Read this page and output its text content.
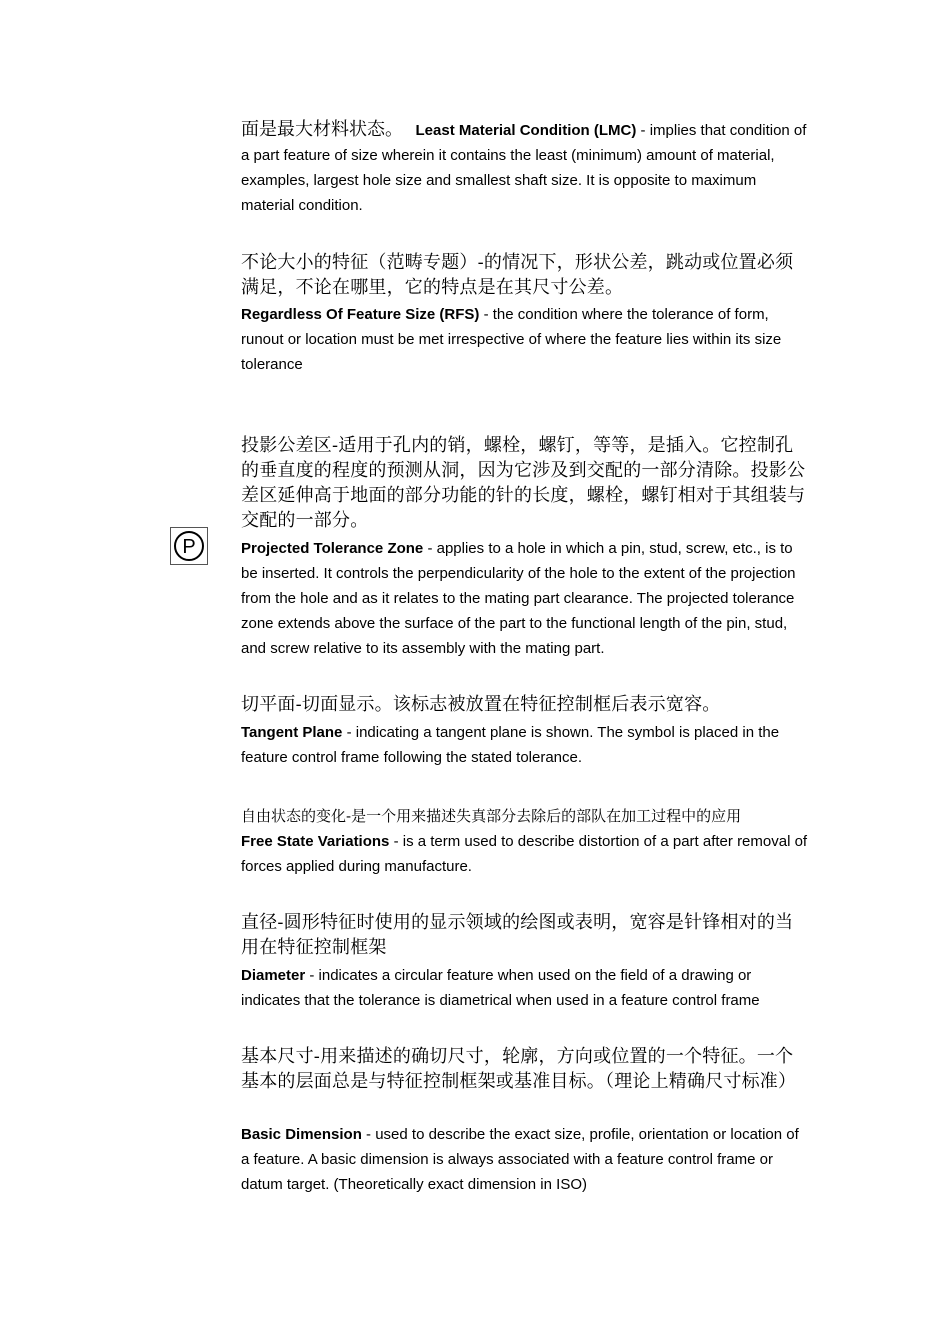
面是最大材料状态。 Least Material Condition (LMC) - implies that condition of a part feature of size wherein it contains the least (minimum) amount of material, examples, largest hole size and smallest shaft size. It is opposite to maximum material condition.
不论大小的特征（范畴专题）-的情况下，形状公差，跳动或位置必须满足，不论在哪里，它的特点是在其尺寸公差。
Regardless Of Feature Size (RFS) - the condition where the tolerance of form, runout or location must be met irrespective of where the feature lies within its size tolerance
投影公差区-适用于孔内的销，螺栓，螺钉，等等，是插入。它控制孔的垂直度的程度的预测从洞，因为它涉及到交配的一部分清除。投影公差区延伸高于地面的部分功能的针的长度，螺栓，螺钉相对于其组装与交配的一部分。
P	Projected Tolerance Zone - applies to a hole in which a pin, stud, screw, etc., is to be inserted. It controls the perpendicularity of the hole to the extent of the projection from the hole and as it relates to the mating part clearance. The projected tolerance zone extends above the surface of the part to the functional length of the pin, stud, and screw relative to its assembly with the mating part.
切平面-切面显示。该标志被放置在特征控制框后表示宽容。
Tangent Plane - indicating a tangent plane is shown. The symbol is placed in the feature control frame following the stated tolerance.
自由状态的变化-是一个用来描述失真部分去除后的部队在加工过程中的应用
Free State Variations - is a term used to describe distortion of a part after removal of forces applied during manufacture.
直径-圆形特征时使用的显示领域的绘图或表明，宽容是针锋相对的当用在特征控制框架
Diameter - indicates a circular feature when used on the field of a drawing or indicates that the tolerance is diametrical when used in a feature control frame
基本尺寸-用来描述的确切尺寸，轮廓，方向或位置的一个特征。一个基本的层面总是与特征控制框架或基准目标。（理论上精确尺寸标准）
Basic Dimension - used to describe the exact size, profile, orientation or location of a feature. A basic dimension is always associated with a feature control frame or datum target. (Theoretically exact dimension in ISO)
